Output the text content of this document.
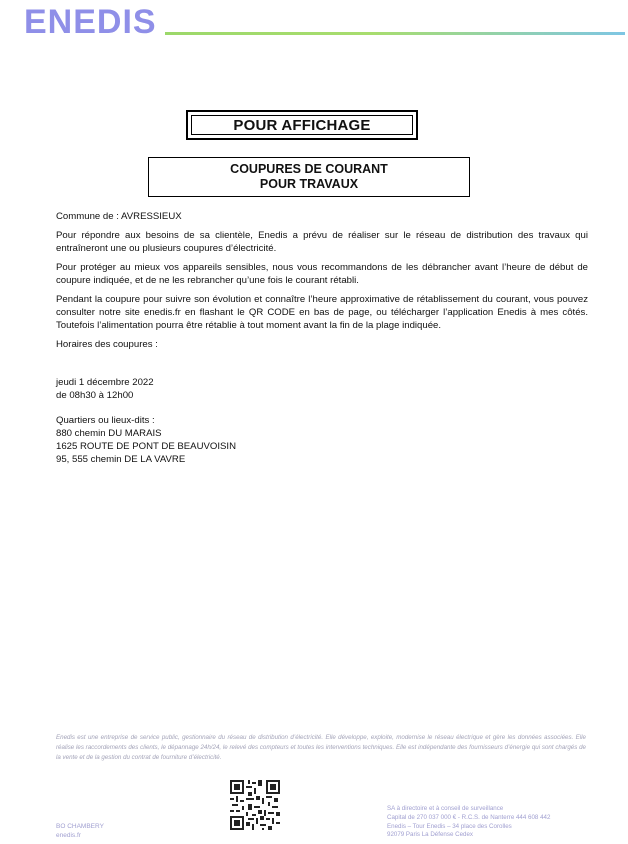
ENEDIS
POUR AFFICHAGE
COUPURES DE COURANT
POUR TRAVAUX

Commune de : AVRESSIEUX

Pour répondre aux besoins de sa clientèle, Enedis a prévu de réaliser sur le réseau de distribution des travaux qui entraîneront une ou plusieurs coupures d’électricité.

Pour protéger au mieux vos appareils sensibles, nous vous recommandons de les débrancher avant l’heure de début de coupure indiquée, et de ne les rebrancher qu’une fois le courant rétabli.

Pendant la coupure pour suivre son évolution et connaître l’heure approximative de rétablissement du courant, vous pouvez consulter notre site enedis.fr en flashant le QR CODE en bas de page, ou télécharger l’application Enedis à mes côtés. Toutefois l’alimentation pourra être rétablie à tout moment avant la fin de la plage indiquée.

Horaires des coupures :

jeudi 1 décembre 2022

de 08h30 à 12h00

Quartiers ou lieux-dits :

880 chemin DU MARAIS

1625 ROUTE DE PONT DE BEAUVOISIN

95, 555 chemin DE LA VAVRE

Enedis est une entreprise de service public, gestionnaire du réseau de distribution d’électricité. Elle développe, exploite, modernise le réseau électrique et gère les données associées. Elle réalise les raccordements des clients, le dépannage 24h/24, le relevé des compteurs et toutes les interventions techniques. Elle est indépendante des fournisseurs d’énergie qui sont chargés de la vente et de la gestion du contrat de fourniture d’électricité.
BO CHAMBERY
enedis.fr
SA à directoire et à conseil de surveillance
Capital de 270 037 000 € - R.C.S. de Nanterre 444 608 442
Enedis – Tour Enedis – 34 place des Corolles
92079 Paris La Défense Cedex
